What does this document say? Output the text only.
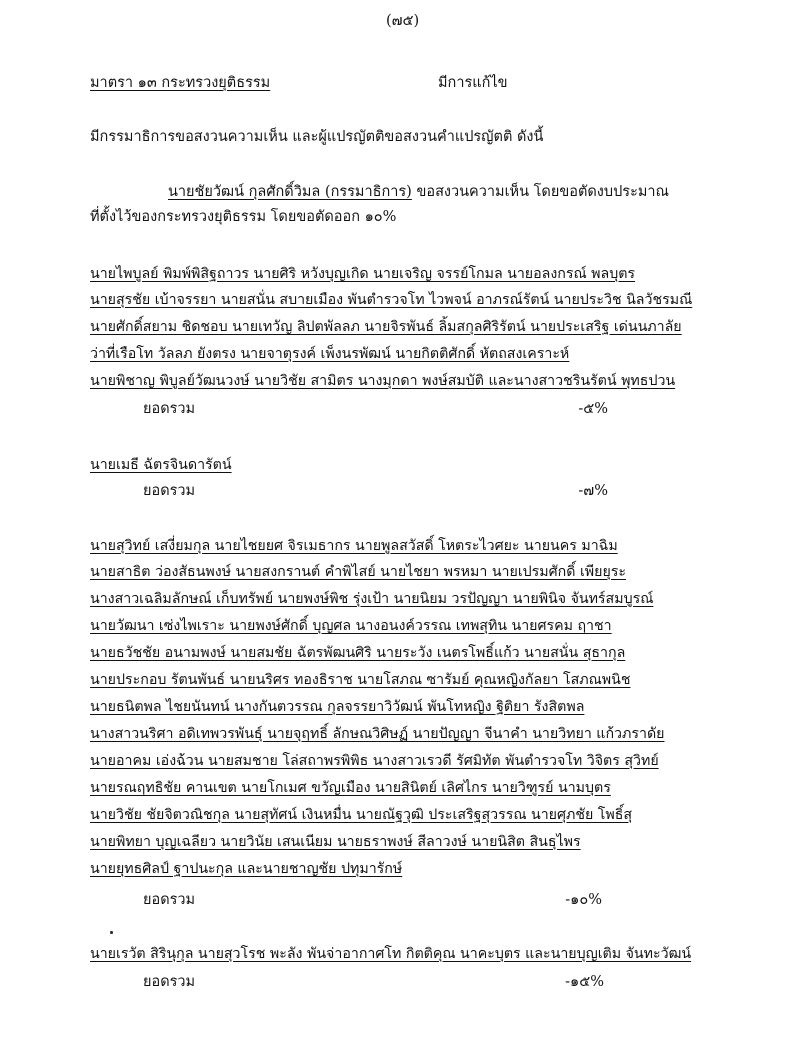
(๗๕)
มาตรา ๑๓ กระทรวงยุติธรรม	มีการแก้ไข
มีกรรมาธิการขอสงวนความเห็น และผู้แปรญัตติขอสงวนคำแปรญัตติ ดังนี้
นายชัยวัฒน์ กุลศักดิ์วิมล (กรรมาธิการ) ขอสงวนความเห็น โดยขอตัดงบประมาณ
ที่ตั้งไว้ของกระทรวงยุติธรรม โดยขอตัดออก ๑๐%
นายไพบูลย์ พิมพ์พิสิฐถาวร นายศิริ หวังบุญเกิด นายเจริญ จรรย์โกมล นายอลงกรณ์ พลบุตร
นายสุรชัย เบ้าจรรยา นายสนั่น สบายเมือง พันตำรวจโท ไวพจน์ อาภรณ์รัตน์ นายประวิช นิลวัชรมณี
นายศักดิ์สยาม ชิดชอบ นายเทวัญ ลิปตพัลลภ นายจิรพันธ์ ลิ้มสกุลศิริรัตน์ นายประเสริฐ เด่นนภาลัย
ว่าที่เรือโท วัลลภ ยังตรง นายจาตุรงค์ เพ็งนรพัฒน์ นายกิตติศักดิ์ หัตถสงเคราะห์
นายพิชาญ พิบูลย์วัฒนวงษ์ นายวิชัย สามิตร นางมุกดา พงษ์สมบัติ และนางสาวชรินรัตน์ พุทธปวน
ยอดรวม	-๕%
นายเมธี ฉัตรจินดารัตน์
ยอดรวม	-๗%
นายสุวิทย์ เสงี่ยมกุล นายไชยยศ จิรเมธากร นายพูลสวัสดิ์ โหตระไวศยะ นายนคร มาฉิม
นายสาธิต ว่องสัธนพงษ์ นายสงกรานต์ คำพิไสย์ นายไชยา พรหมา นายเปรมศักดิ์ เพียยุระ
นางสาวเฉลิมลักษณ์ เก็บทรัพย์ นายพงษ์พิช รุ่งเป้า นายนิยม วรปัญญา นายพินิจ จันทร์สมบูรณ์
นายวัฒนา เซ่งไพเราะ นายพงษ์ศักดิ์ บุญศล นางอนงค์วรรณ เทพสุทิน นายศรคม ฤาชา
นายธวัชชัย อนามพงษ์ นายสมชัย ฉัตรพัฒนศิริ นายระวัง เนตรโพธิ์แก้ว นายสนั่น สุธากุล
นายประกอบ รัตนพันธ์ นายนริศร ทองธิราช นายโสภณ ซารัมย์ คุณหญิงกัลยา โสภณพนิช
นายธนิตพล ไชยนันทน์ นางกันตวรรณ กุลจรรยาวิวัฒน์ พันโทหญิง ฐิติยา รังสิตพล
นางสาวนริศา อดิเทพวรพันธุ์ นายจุฤทธิ์ ลักษณวิศิษฏ์ นายปัญญา จีนาคำ นายวิทยา แก้วภราดัย
นายอาคม เอ่งฉ้วน นายสมชาย โล่สถาพรพิพิธ นางสาวเรวดี รัศมิทัต พันตำรวจโท วิจิตร สุวิทย์
นายรณฤทธิชัย คานเขต นายโกเมศ ขวัญเมือง นายสินิตย์ เลิศไกร นายวิฑูรย์ นามบุตร
นายวิชัย ชัยจิตวณิชกุล นายสุทัศน์ เงินหมื่น นายณัฐวุฒิ ประเสริฐสุวรรณ นายศุภชัย โพธิ์สุ
นายพิทยา บุญเฉลียว นายวินัย เสนเนียม นายธราพงษ์ สีลาวงษ์ นายนิสิต สินธุไพร
นายยุทธศิลป์ ฐาปนะกุล และนายชาญชัย ปทุมารักษ์
ยอดรวม	-๑๐%
นายเรวัต สิรินุกุล นายสุวโรช พะลัง พันจ่าอากาศโท กิตติคุณ นาคะบุตร และนายบุญเติม จันทะวัฒน์
ยอดรวม	-๑๕%
